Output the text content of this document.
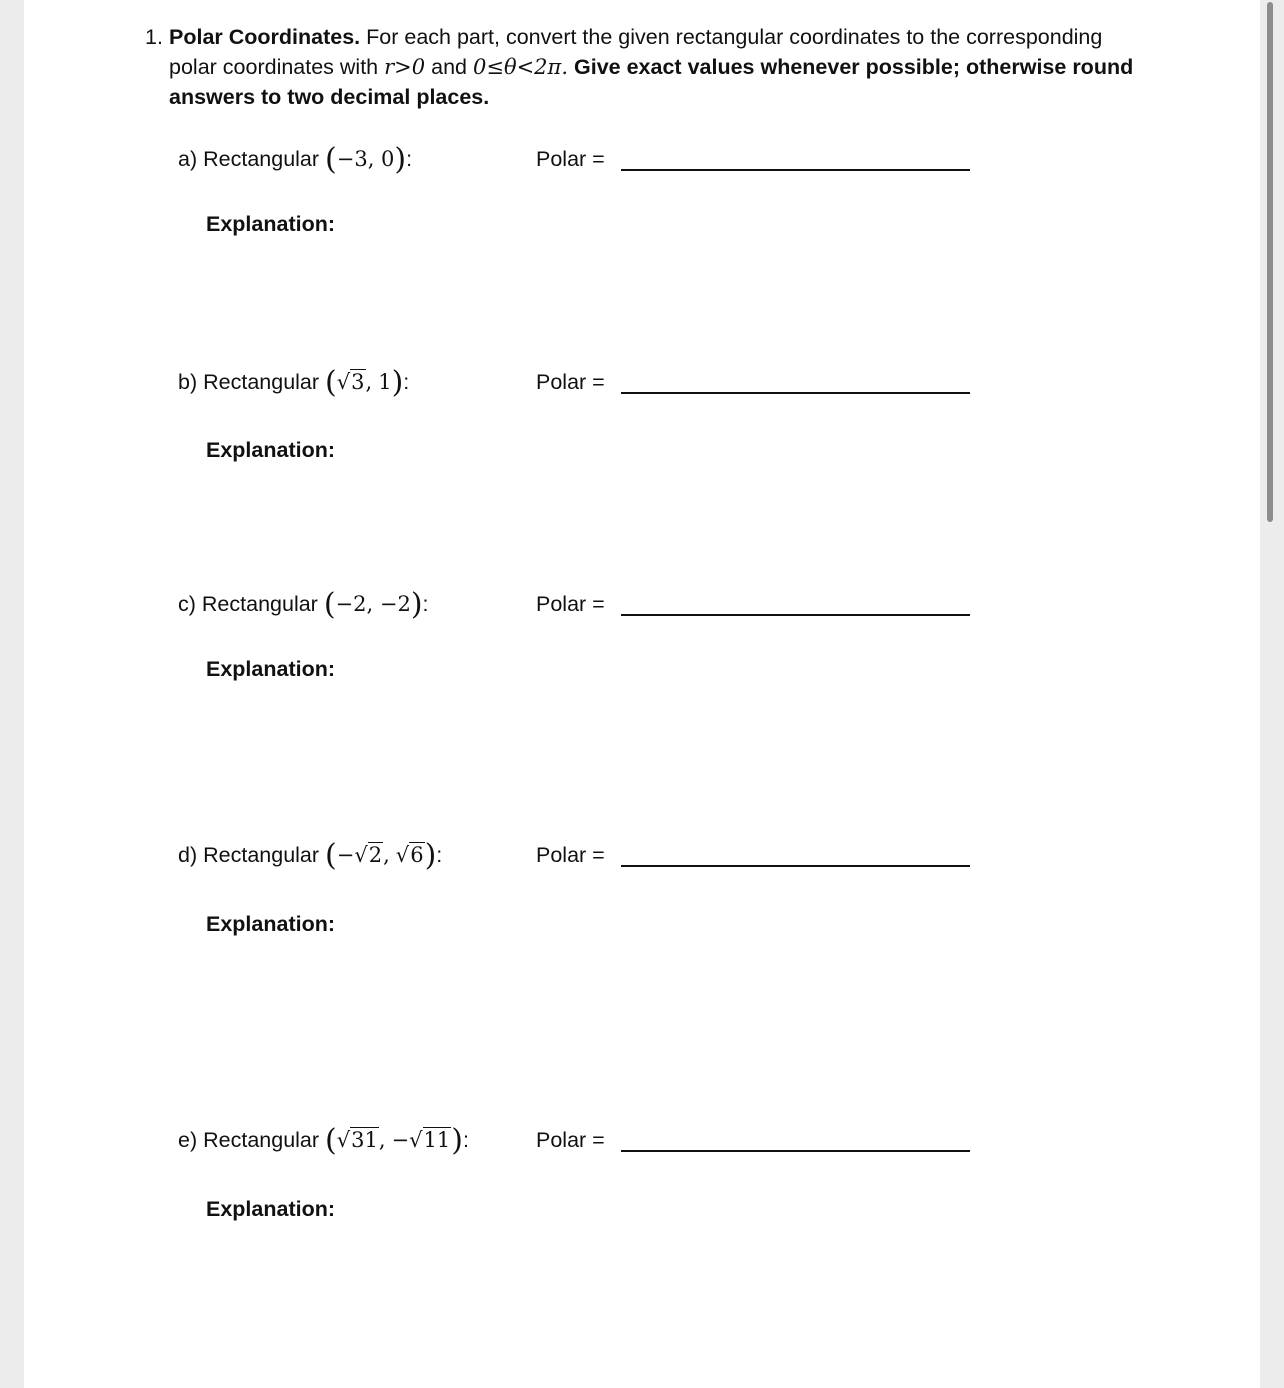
1. Polar Coordinates. For each part, convert the given rectangular coordinates to the corresponding polar coordinates with r>0 and 0≤θ<2π. Give exact values whenever possible; otherwise round answers to two decimal places.
a) Rectangular (−3, 0):	Polar =
Explanation:
b) Rectangular (√3, 1):	Polar =
Explanation:
c) Rectangular (−2, −2):	Polar =
Explanation:
d) Rectangular (−√2, √6):	Polar =
Explanation:
e) Rectangular (√31, −√11):	Polar =
Explanation:
